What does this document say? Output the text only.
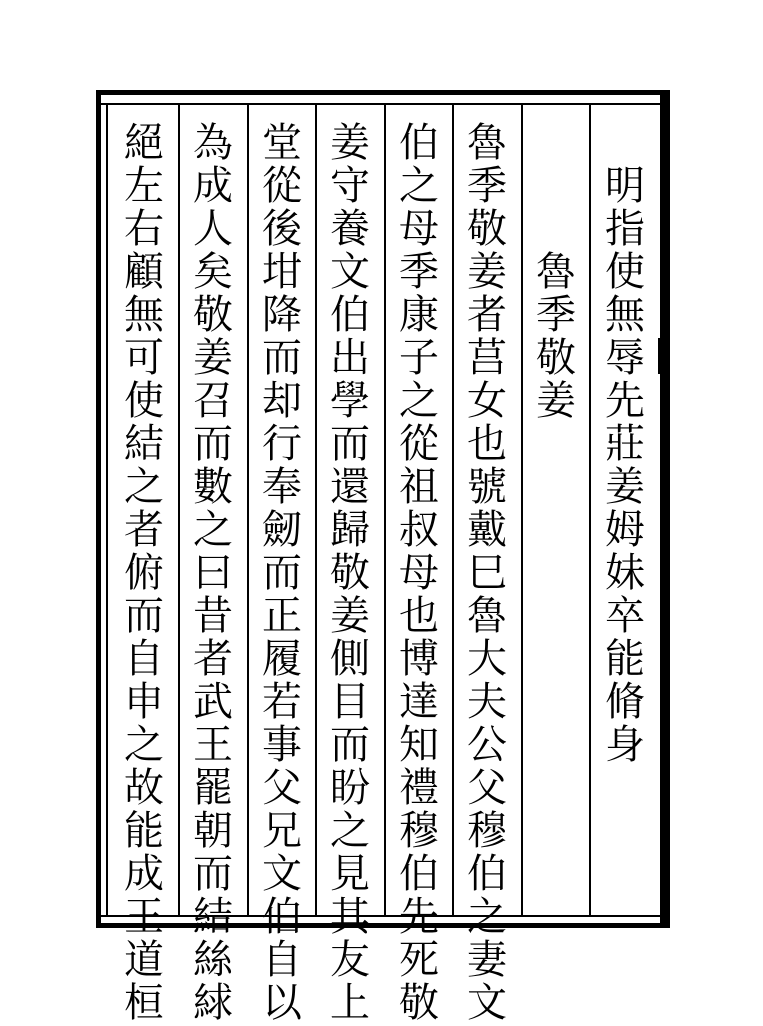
明
指
使
無
辱
先
莊
姜
姆
妹
卒
能
脩
身
魯
季
敬
姜
魯
季
敬
姜
者
莒
女
也
號
戴
巳
魯
大
夫
公
父
穆
伯
之
妻
文
伯
之
母
季
康
子
之
從
祖
叔
母
也
博
達
知
禮
穆
伯
先
死
敬
姜
守
養
文
伯
出
學
而
還
歸
敬
姜
側
目
而
盼
之
見
其
友
上
堂
從
後
坩
降
而
却
行
奉
劒
而
正
履
若
事
父
兄
文
伯
自
以
為
成
人
矣
敬
姜
召
而
數
之
曰
昔
者
武
王
罷
朝
而
結
絲
絿
絕
左
右
顧
無
可
使
結
之
者
俯
而
自
申
之
故
能
成
王
道
桓
